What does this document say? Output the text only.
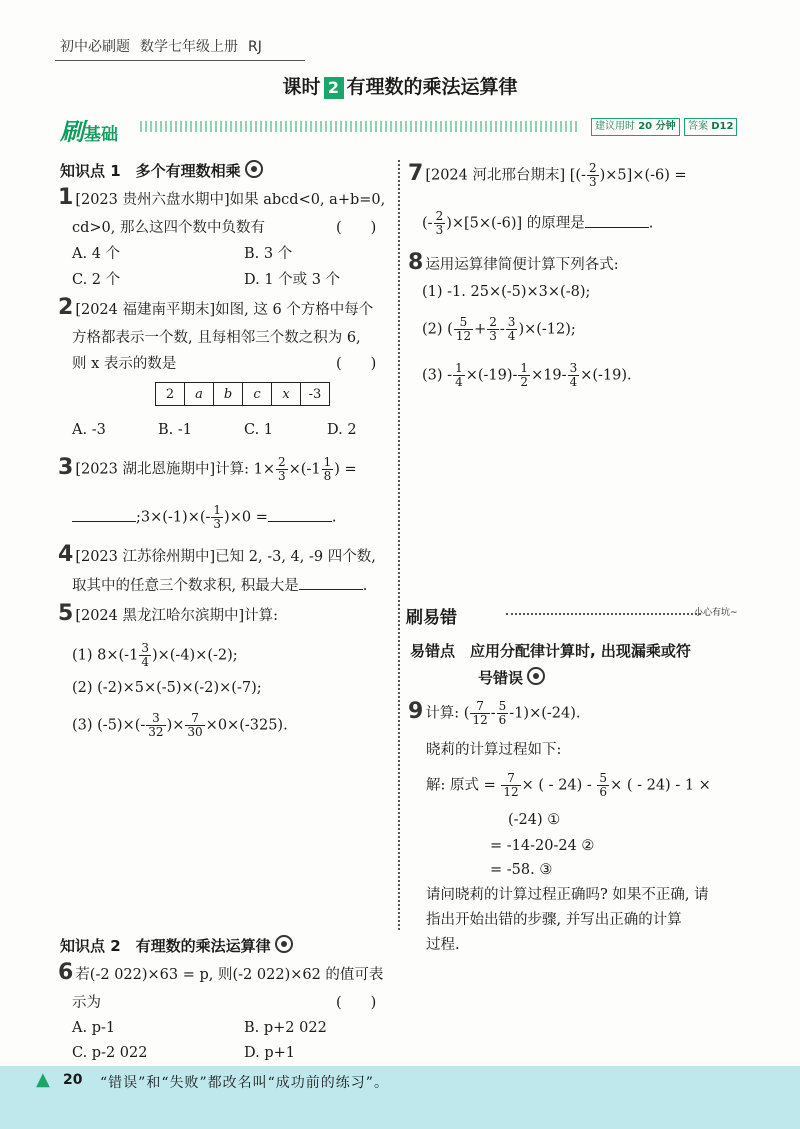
初中必刷题 数学七年级上册 RJ
课时 2 有理数的乘法运算律
刷基础	建议用时 20 分钟	答案 D12
知识点 1　多个有理数相乘
1 [2023 贵州六盘水期中]如果 abcd<0, a+b=0,
cd>0, 那么这四个数中负数有	(　　)
A. 4 个	B. 3 个
C. 2 个	D. 1 个或 3 个
2 [2024 福建南平期末]如图, 这 6 个方格中每个
方格都表示一个数, 且每相邻三个数之积为 6,
则 x 表示的数是	(　　)
2	a	b	c	x	-3
A. -3	B. -1	C. 1	D. 2
3 [2023 湖北恩施期中]计算: $1\times \frac{2}{3} \times(-1 \frac{1}{8}$ ) =
;3×(-1)×(- $\frac{1}{3} )\times 0$ =	.
4 [2023 江苏徐州期中]已知 2, -3, 4, -9 四个数,
取其中的任意三个数求积, 积最大是	.
5 [2024 黑龙江哈尔滨期中]计算:
(1) $8\times(-1 \frac{3}{4} )\times(-4)\times(-2)$;
(2) (-2)×5×(-5)×(-2)×(-7);
(3) $(-5)\times(- \frac{3}{32}$ )× $\frac{7}{30} \times 0\times(-325)$.
知识点 2　有理数的乘法运算律
6 若(-2 022)×63 = p, 则(-2 022)×62 的值可表
示为	(　　)
A. p-1	B. p+2 022
C. p-2 022	D. p+1
7 [2024 河北邢台期末] [(- $\frac{2}{3} )\times 5]\times(-6)$ =
(- $\frac{2}{3} )\times[5\times(-6)]$ 的原理是	.
8 运用运算律简便计算下列各式:
(1) -1. 25×(-5)×3×(-8);
(2) ( $\frac{5}{12} + \frac{2}{3} - \frac{3}{4} )\times(-12)$;
$(3) - \frac{1}{4} \times(-19)- \frac{1}{2} \times 19- \frac{3}{4} \times(-19)$.
刷易错	小心有坑~
易错点　应用分配律计算时, 出现漏乘或符
号错误
9 计算: ( $\frac{7}{12} - \frac{5}{6} -1)\times(-24)$.
晓莉的计算过程如下:
解: 原式 = $\frac{7}{12}$ × ( - $24) - \frac{5}{6}$ × ( - 24) - 1 ×
(-24) ①
= -14-20-24 ②
= -58. ③
请问晓莉的计算过程正确吗? 如果不正确, 请
指出开始出错的步骤, 并写出正确的计算
过程.
▲ 20 “错误”和“失败”都改名叫“成功前的练习”。
